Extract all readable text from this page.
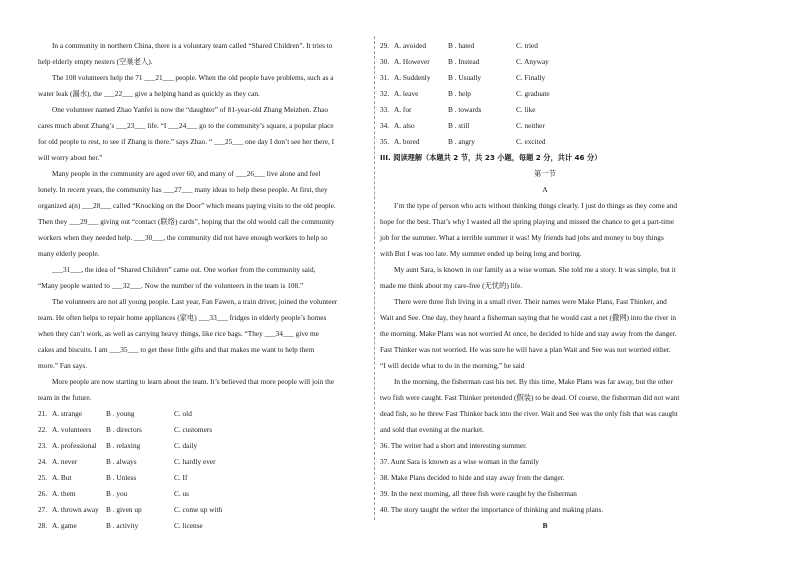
In a community in northern China, there is a voluntary team called “Shared Children”. It tries to
help elderly empty nesters (空巢老人).
The 108 volunteers help the 71 ___21___ people. When the old people have problems, such as a
water leak (漏水), the ___22___ give a helping hand as quickly as they can.
One volunteer named Zhao Yanfei is now the “daughter” of 81-year-old Zhang Meizhen. Zhao
cares much about Zhang’s ___23___ life. “I ___24___ go to the community’s square, a popular place
for old people to rest, to see if Zhang is there.” says Zhao. “ ___25___ one day I don’t see her there, I
will worry about her.”
Many people in the community are aged over 60, and many of ___26___ live alone and feel
lonely. In recent years, the community has ___27___ many ideas to help these people. At first, they
organized a(n) ___28___ called “Knocking on the Door” which means paying visits to the old people.
Then they ___29___ giving out “contact (联络) cards”, hoping that the old would call the community
workers when they needed help. ___30___, the community did not have enough workers to help so
many elderly people.
___31___, the idea of “Shared Children” came out. One worker from the community said,
“Many people wanted to ___32___. Now the number of the volunteers in the team is 108.”
The volunteers are not all young people. Last year, Fan Fawen, a train driver, joined the volunteer
team. He often helps to repair home appliances (家电) ___33___ fridges in elderly people’s homes
when they can’t work, as well as carrying heavy things, like rice bags. “They ___34___ give me
cakes and biscuits. I am ___35___ to get these little gifts and that makes me want to help them
more.” Fan says.
More people are now starting to learn about the team. It’s believed that more people will join the
team in the future.
21. A. strange	B . young	C. old
22. A. volunteers B . directors	C. customers
23. A. professional B . relaxing	C. daily
24. A. never	B . always	C. hardly ever
25. A. But	B . Unless	C. If
26. A. them	B . you	C. us
27. A. thrown away B . given up	C. come up with
28. A. game	B . activity	C. license
29. A. avoided	B . hated	C. tried
30. A. However	B . Instead	C. Anyway
31. A. Suddenly B . Usually	C. Finally
32. A. leave	B . help	C. graduate
33. A. for	B . towards	C. like
34. A. also	B . still	C. neither
35. A. bored	B . angry	C. excited
III. 阅读理解（本题共 2 节，共 23 小题，每题 2 分，共计 46 分）
第一节
A
I’m the type of person who acts without thinking things clearly. I just do things as they come and
hope for the best. That’s why I wasted all the spring playing and missed the chance to get a part-time
job for the summer. What a terrible summer it was! My friends had jobs and money to buy things
with But I was too late. My summer ended up being long and boring.
My aunt Sara, is known in our family as a wise woman. She told me a story. It was simple, but it
made me think about my care-free (无忧的) life.
There were three fish living in a small river. Their names were Make Plans, Fast Thinker, and
Wait and See. One day, they heard a fisherman saying that he would cast a net (撒网) into the river in
the morning. Make Plans was not worried At once, he decided to hide and stay away from the danger.
Fast Thinker was not worried. He was sure he will have a plan Wait and See was not worried either.
“I will decide what to do in the morning,” he said
In the morning, the fisherman cast his net. By this time, Make Plans was far away, but the other
two fish were caught. Fast Thinker pretended (假装) to be dead. Of course, the fisherman did not want
dead fish, so he threw Fast Thinker back into the river. Wait and See was the only fish that was caught
and sold that evening at the market.
36. The writer had a short and interesting summer.
37. Aunt Sara is known as a wise woman in the family
38. Make Plans decided to hide and stay away from the danger.
39. In the next morning, all three fish were caught by the fisherman
40. The story taught the writer the importance of thinking and making plans.
B
